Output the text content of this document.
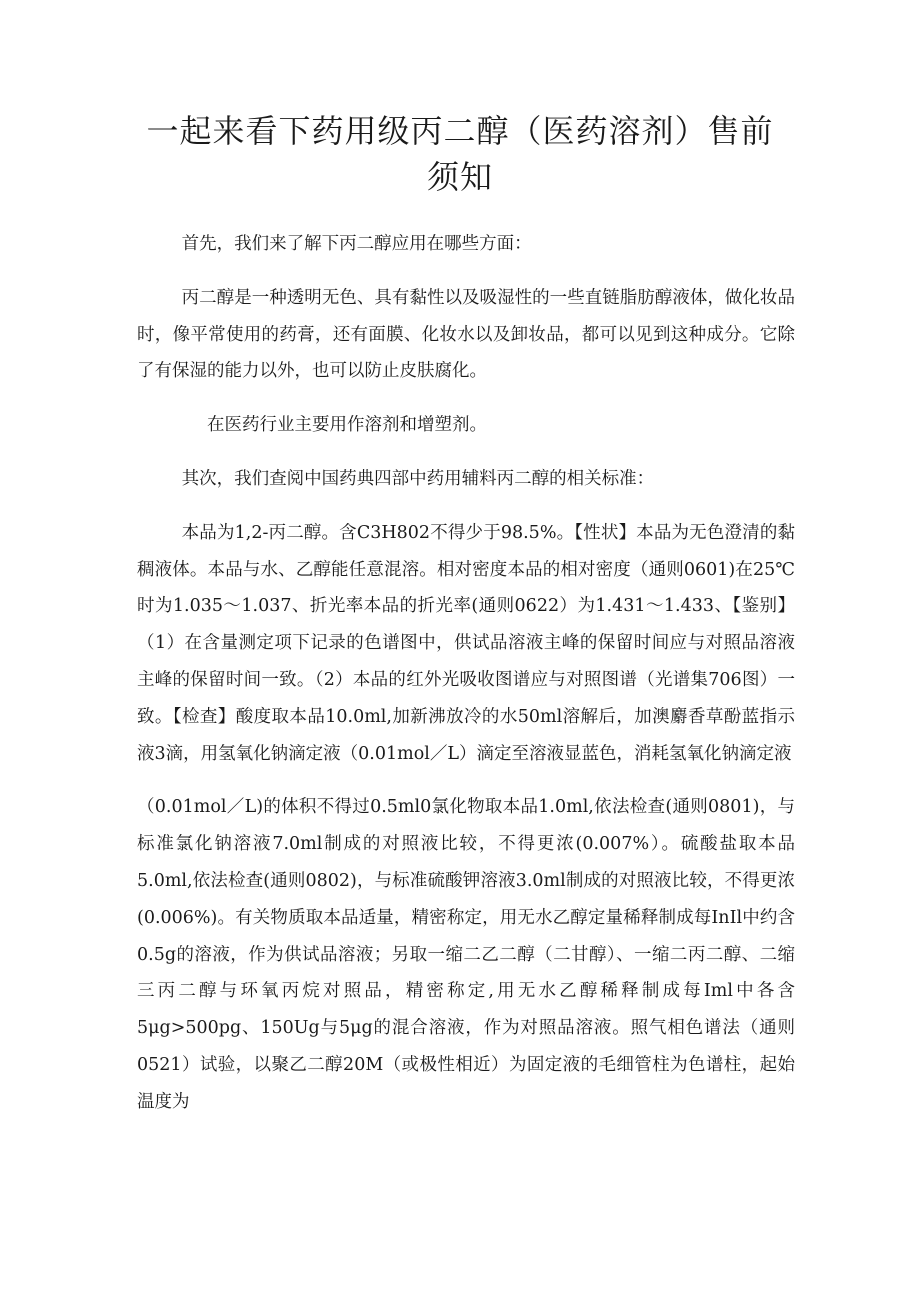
一起来看下药用级丙二醇（医药溶剂）售前
须知

首先，我们来了解下丙二醇应用在哪些方面：

丙二醇是一种透明无色、具有黏性以及吸湿性的一些直链脂肪醇液体，做化妆品时，像平常使用的药膏，还有面膜、化妆水以及卸妆品，都可以见到这种成分。它除了有保湿的能力以外，也可以防止皮肤腐化。

在医药行业主要用作溶剂和增塑剂。

其次，我们查阅中国药典四部中药用辅料丙二醇的相关标准：

本品为1,2-丙二醇。含C3H802不得少于98.5%。【性状】本品为无色澄清的黏稠液体。本品与水、乙醇能任意混溶。相对密度本品的相对密度（通则0601)在25℃时为1.035～1.037、折光率本品的折光率(通则0622）为1.431～1.433、【鉴别】（1）在含量测定项下记录的色谱图中，供试品溶液主峰的保留时间应与对照品溶液主峰的保留时间一致。（2）本品的红外光吸收图谱应与对照图谱（光谱集706图）一致。【检查】酸度取本品10.0ml,加新沸放冷的水50ml溶解后，加澳麝香草酚蓝指示液3滴，用氢氧化钠滴定液（0.01mol／L）滴定至溶液显蓝色，消耗氢氧化钠滴定液

（0.01mol／L)的体积不得过0.5ml0氯化物取本品1.0ml,依法检查(通则0801)，与标准氯化钠溶液7.0ml制成的对照液比较，不得更浓(0.007%）。硫酸盐取本品5.0ml,依法检查(通则0802)，与标准硫酸钾溶液3.0ml制成的对照液比较，不得更浓(0.006%)。有关物质取本品适量，精密称定，用无水乙醇定量稀释制成每InIl中约含0.5g的溶液，作为供试品溶液；另取一缩二乙二醇（二甘醇）、一缩二丙二醇、二缩三丙二醇与环氧丙烷对照品，精密称定,用无水乙醇稀释制成每Iml中各含5μg>500pg、150Ug与5μg的混合溶液，作为对照品溶液。照气相色谱法（通则0521）试验，以聚乙二醇20M（或极性相近）为固定液的毛细管柱为色谱柱，起始温度为
